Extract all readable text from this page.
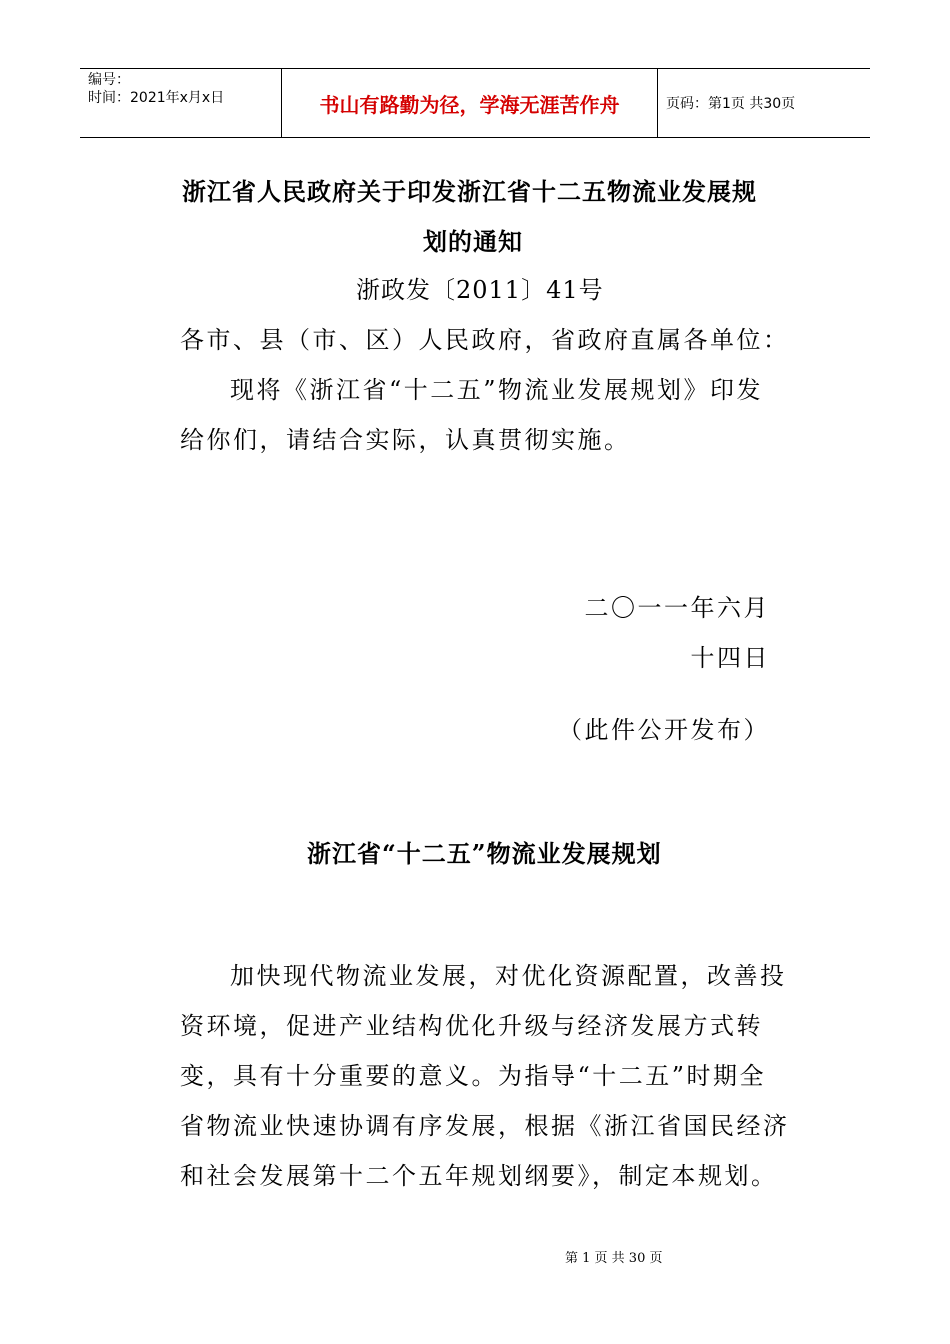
编号：
时间：2021年x月x日	书山有路勤为径，学海无涯苦作舟	页码：第1页 共30页
浙江省人民政府关于印发浙江省十二五物流业发展规
划的通知
浙政发〔2011〕41号
各市、县（市、区）人民政府，省政府直属各单位：
现将《浙江省“十二五”物流业发展规划》印发
给你们，请结合实际，认真贯彻实施。
二〇一一年六月
十四日
（此件公开发布）
浙江省“十二五”物流业发展规划
加快现代物流业发展，对优化资源配置，改善投
资环境，促进产业结构优化升级与经济发展方式转
变，具有十分重要的意义。为指导“十二五”时期全
省物流业快速协调有序发展，根据《浙江省国民经济
和社会发展第十二个五年规划纲要》，制定本规划。
第 1 页 共 30 页
